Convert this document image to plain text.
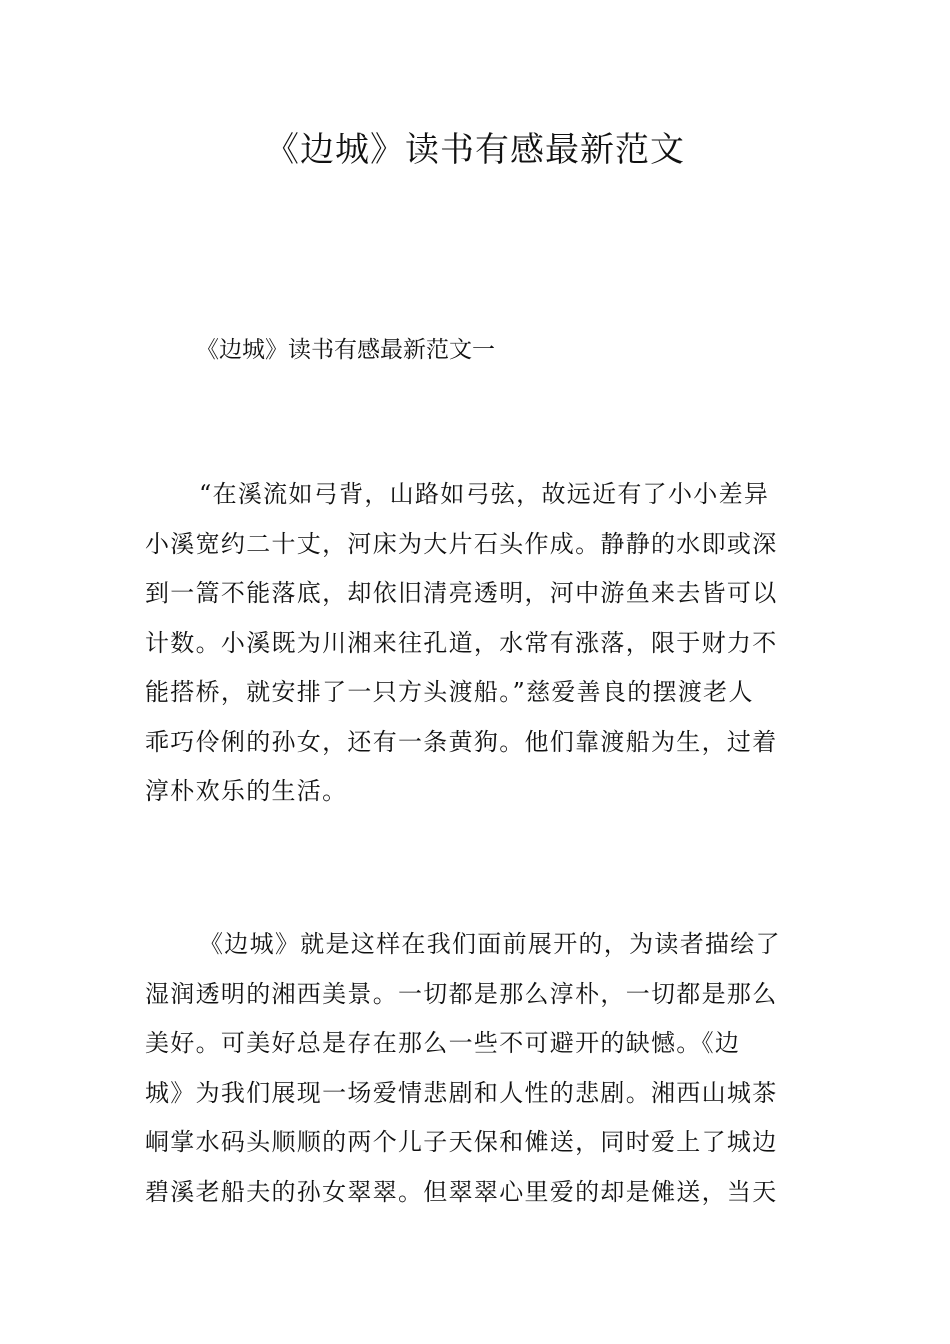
《边城》读书有感最新范文

《边城》读书有感最新范文一

“在溪流如弓背，山路如弓弦，故远近有了小小差异
小溪宽约二十丈，河床为大片石头作成。静静的水即或深
到一篙不能落底，却依旧清亮透明，河中游鱼来去皆可以
计数。小溪既为川湘来往孔道，水常有涨落，限于财力不
能搭桥，就安排了一只方头渡船。”慈爱善良的摆渡老人
乖巧伶俐的孙女，还有一条黄狗。他们靠渡船为生，过着
淳朴欢乐的生活。
《边城》就是这样在我们面前展开的，为读者描绘了
湿润透明的湘西美景。一切都是那么淳朴，一切都是那么
美好。可美好总是存在那么一些不可避开的缺憾。《边
城》为我们展现一场爱情悲剧和人性的悲剧。湘西山城茶
峒掌水码头顺顺的两个儿子天保和傩送，同时爱上了城边
碧溪老船夫的孙女翠翠。但翠翠心里爱的却是傩送，当天
